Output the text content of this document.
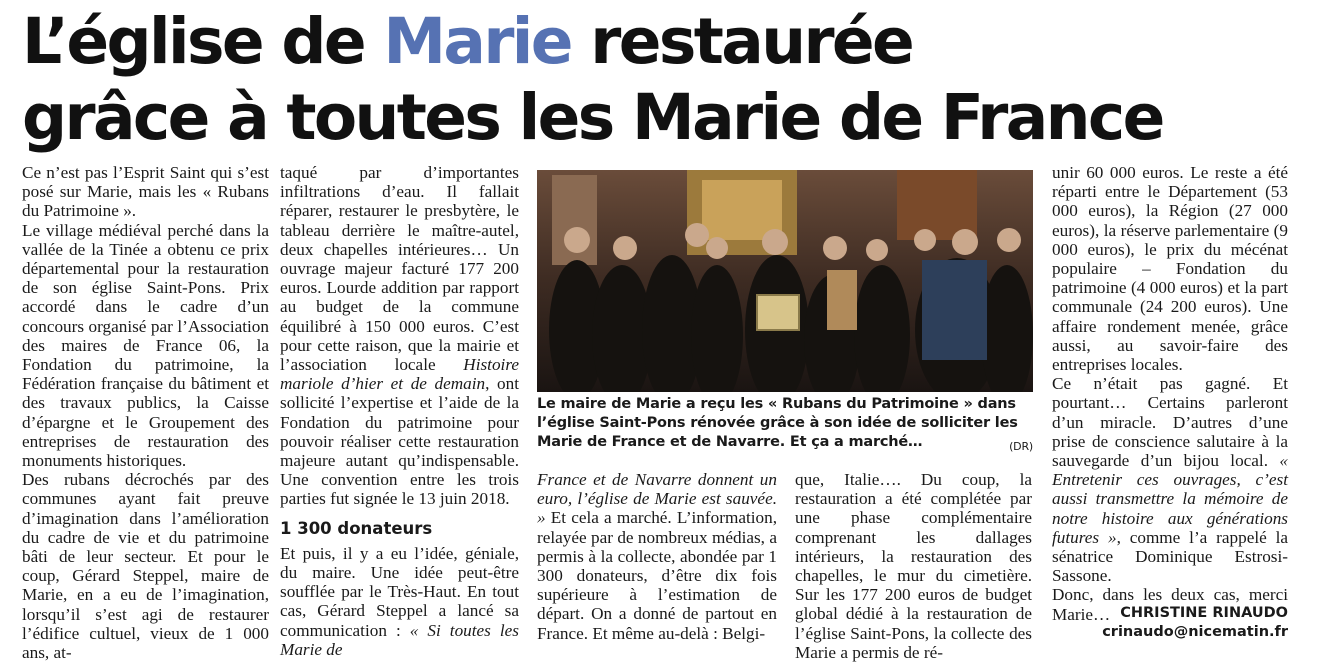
L’église de Marie restaurée
grâce à toutes les Marie de France

Ce n’est pas l’Esprit Saint qui s’est posé sur Marie, mais les « Rubans du Patrimoine ».

Le village médiéval perché dans la vallée de la Tinée a obtenu ce prix départemental pour la restauration de son église Saint-Pons. Prix accordé dans le cadre d’un concours organisé par l’Association des maires de France 06, la Fondation du patrimoine, la Fédération française du bâtiment et des travaux publics, la Caisse d’épargne et le Groupement des entreprises de restauration des monuments historiques.

Des rubans décrochés par des communes ayant fait preuve d’imagination dans l’amélioration du cadre de vie et du patrimoine bâti de leur secteur. Et pour le coup, Gérard Steppel, maire de Marie, en a eu de l’imagination, lorsqu’il s’est agi de restaurer l’édifice cultuel, vieux de 1 000 ans, at-

taqué par d’importantes infiltrations d’eau. Il fallait réparer, restaurer le presbytère, le tableau derrière le maître-autel, deux chapelles intérieures… Un ouvrage majeur facturé 177 200 euros. Lourde addition par rapport au budget de la commune équilibré à 150 000 euros. C’est pour cette raison, que la mairie et l’association locale Histoire mariole d’hier et de demain, ont sollicité l’expertise et l’aide de la Fondation du patrimoine pour pouvoir réaliser cette restauration majeure autant qu’indispensable. Une convention entre les trois parties fut signée le 13 juin 2018.

1 300 donateurs

Et puis, il y a eu l’idée, géniale, du maire. Une idée peut-être soufflée par le Très-Haut. En tout cas, Gérard Steppel a lancé sa communication : « Si toutes les Marie de

Le maire de Marie a reçu les « Rubans du Patrimoine » dans l’église Saint-Pons rénovée grâce à son idée de solliciter les Marie de France et de Navarre. Et ça a marché…	(DR)

France et de Navarre donnent un euro, l’église de Marie est sauvée. » Et cela a marché. L’information, relayée par de nombreux médias, a permis à la collecte, abondée par 1 300 donateurs, d’être dix fois supérieure à l’estimation de départ. On a donné de partout en France. Et même au-delà : Belgi-

que, Italie…. Du coup, la restauration a été complétée par une phase complémentaire comprenant les dallages intérieurs, la restauration des chapelles, le mur du cimetière. Sur les 177 200 euros de budget global dédié à la restauration de l’église Saint-Pons, la collecte des Marie a permis de ré-

unir 60 000 euros. Le reste a été réparti entre le Département (53 000 euros), la Région (27 000 euros), la réserve parlementaire (9 000 euros), le prix du mécénat populaire – Fondation du patrimoine (4 000 euros) et la part communale (24 200 euros). Une affaire rondement menée, grâce aussi, au savoir-faire des entreprises locales.

Ce n’était pas gagné. Et pourtant… Certains parleront d’un miracle. D’autres d’une prise de conscience salutaire à la sauvegarde d’un bijou local. « Entretenir ces ouvrages, c’est aussi transmettre la mémoire de notre histoire aux générations futures », comme l’a rappelé la sénatrice Dominique Estrosi-Sassone.

Donc, dans les deux cas, merci Marie… CHRISTINE RINAUDO
crinaudo@nicematin.fr
